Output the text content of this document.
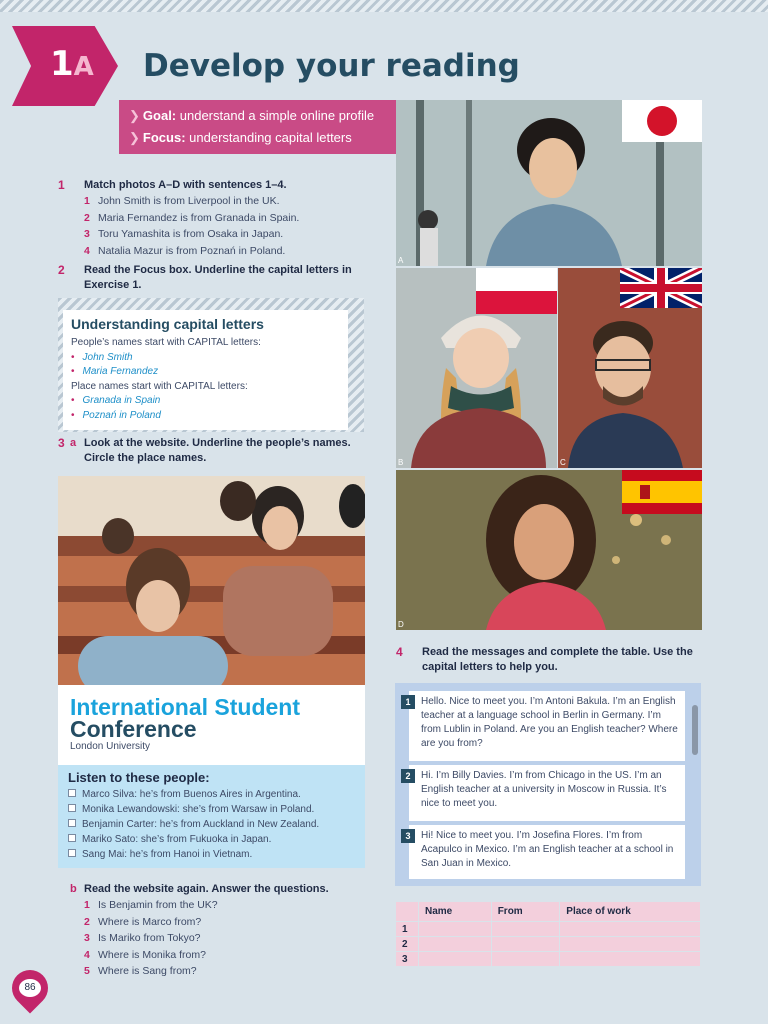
1A Develop your reading
❯ Goal: understand a simple online profile
❯ Focus: understanding capital letters
1 Match photos A–D with sentences 1–4.
1 John Smith is from Liverpool in the UK.
2 Maria Fernandez is from Granada in Spain.
3 Toru Yamashita is from Osaka in Japan.
4 Natalia Mazur is from Poznań in Poland.
2 Read the Focus box. Underline the capital letters in Exercise 1.
Understanding capital letters
People’s names start with CAPITAL letters:
• John Smith
• Maria Fernandez
Place names start with CAPITAL letters:
• Granada in Spain
• Poznań in Poland
3 a Look at the website. Underline the people’s names. Circle the place names.
International Student
Conference
London University
Listen to these people:
Marco Silva: he’s from Buenos Aires in Argentina.
Monika Lewandowski: she’s from Warsaw in Poland.
Benjamin Carter: he’s from Auckland in New Zealand.
Mariko Sato: she’s from Fukuoka in Japan.
Sang Mai: he’s from Hanoi in Vietnam.
b Read the website again. Answer the questions.
1 Is Benjamin from the UK?
2 Where is Marco from?
3 Is Mariko from Tokyo?
4 Where is Monika from?
5 Where is Sang from?
A
B	C
D
4 Read the messages and complete the table. Use the capital letters to help you.
1	Hello. Nice to meet you. I’m Antoni Bakula. I’m an English teacher at a language school in Berlin in Germany. I’m from Lublin in Poland. Are you an English teacher? Where are you from?
2	Hi. I’m Billy Davies. I’m from Chicago in the US. I’m an English teacher at a university in Moscow in Russia. It’s nice to meet you.
3	Hi! Nice to meet you. I’m Josefina Flores. I’m from Acapulco in Mexico. I’m an English teacher at a school in San Juan in Mexico.
	Name	From	Place of work
1			
2			
3			
86
